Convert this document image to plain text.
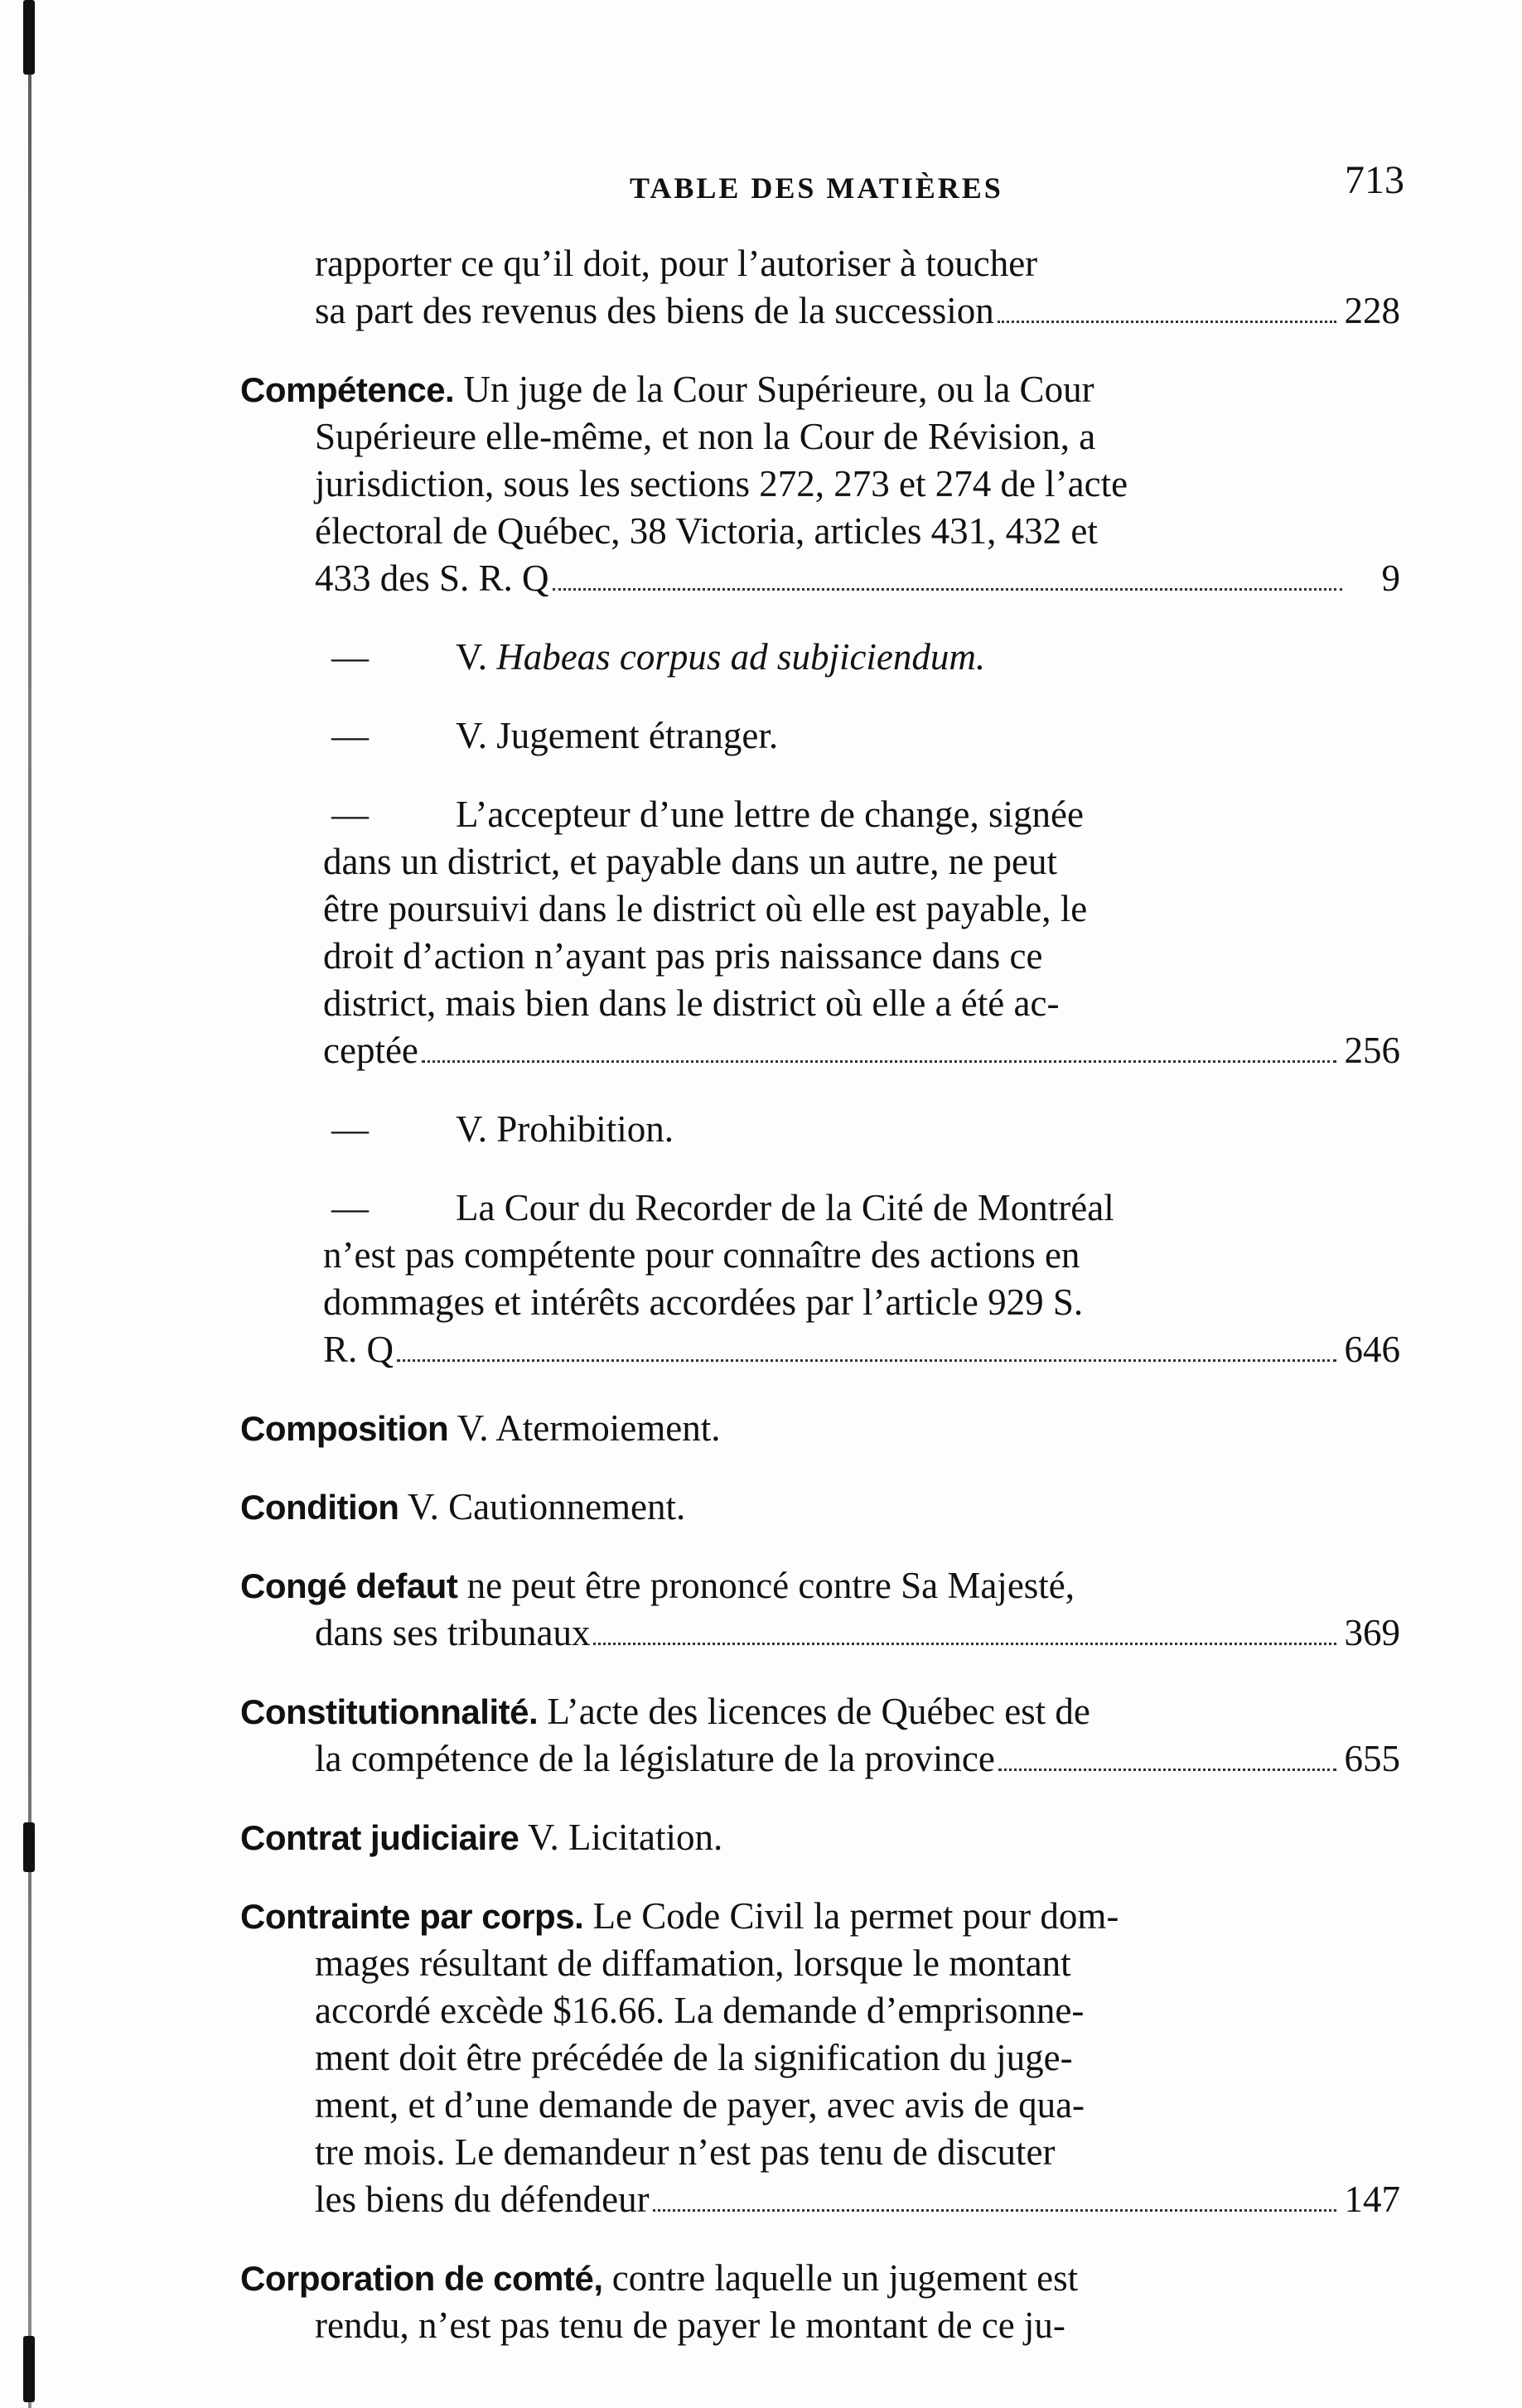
TABLE DES MATIÈRES	713
rapporter ce qu’il doit, pour l’autoriser à toucher
sa part des revenus des biens de la succession	228
Compétence. Un juge de la Cour Supérieure, ou la Cour
Supérieure elle-même, et non la Cour de Révision, a
jurisdiction, sous les sections 272, 273 et 274 de l’acte
électoral de Québec, 38 Victoria, articles 431, 432 et
433 des S. R. Q	9
— V. Habeas corpus ad subjiciendum.
— V. Jugement étranger.
— L’accepteur d’une lettre de change, signée
dans un district, et payable dans un autre, ne peut
être poursuivi dans le district où elle est payable, le
droit d’action n’ayant pas pris naissance dans ce
district, mais bien dans le district où elle a été ac-
ceptée	256
— V. Prohibition.
— La Cour du Recorder de la Cité de Montréal
n’est pas compétente pour connaître des actions en
dommages et intérêts accordées par l’article 929 S.
R. Q	646
Composition V. Atermoiement.
Condition V. Cautionnement.
Congé defaut ne peut être prononcé contre Sa Majesté,
dans ses tribunaux	369
Constitutionnalité. L’acte des licences de Québec est de
la compétence de la législature de la province	655
Contrat judiciaire V. Licitation.
Contrainte par corps. Le Code Civil la permet pour dom-
mages résultant de diffamation, lorsque le montant
accordé excède $16.66. La demande d’emprisonne-
ment doit être précédée de la signification du juge-
ment, et d’une demande de payer, avec avis de qua-
tre mois. Le demandeur n’est pas tenu de discuter
les biens du défendeur	147
Corporation de comté, contre laquelle un jugement est
rendu, n’est pas tenu de payer le montant de ce ju-
